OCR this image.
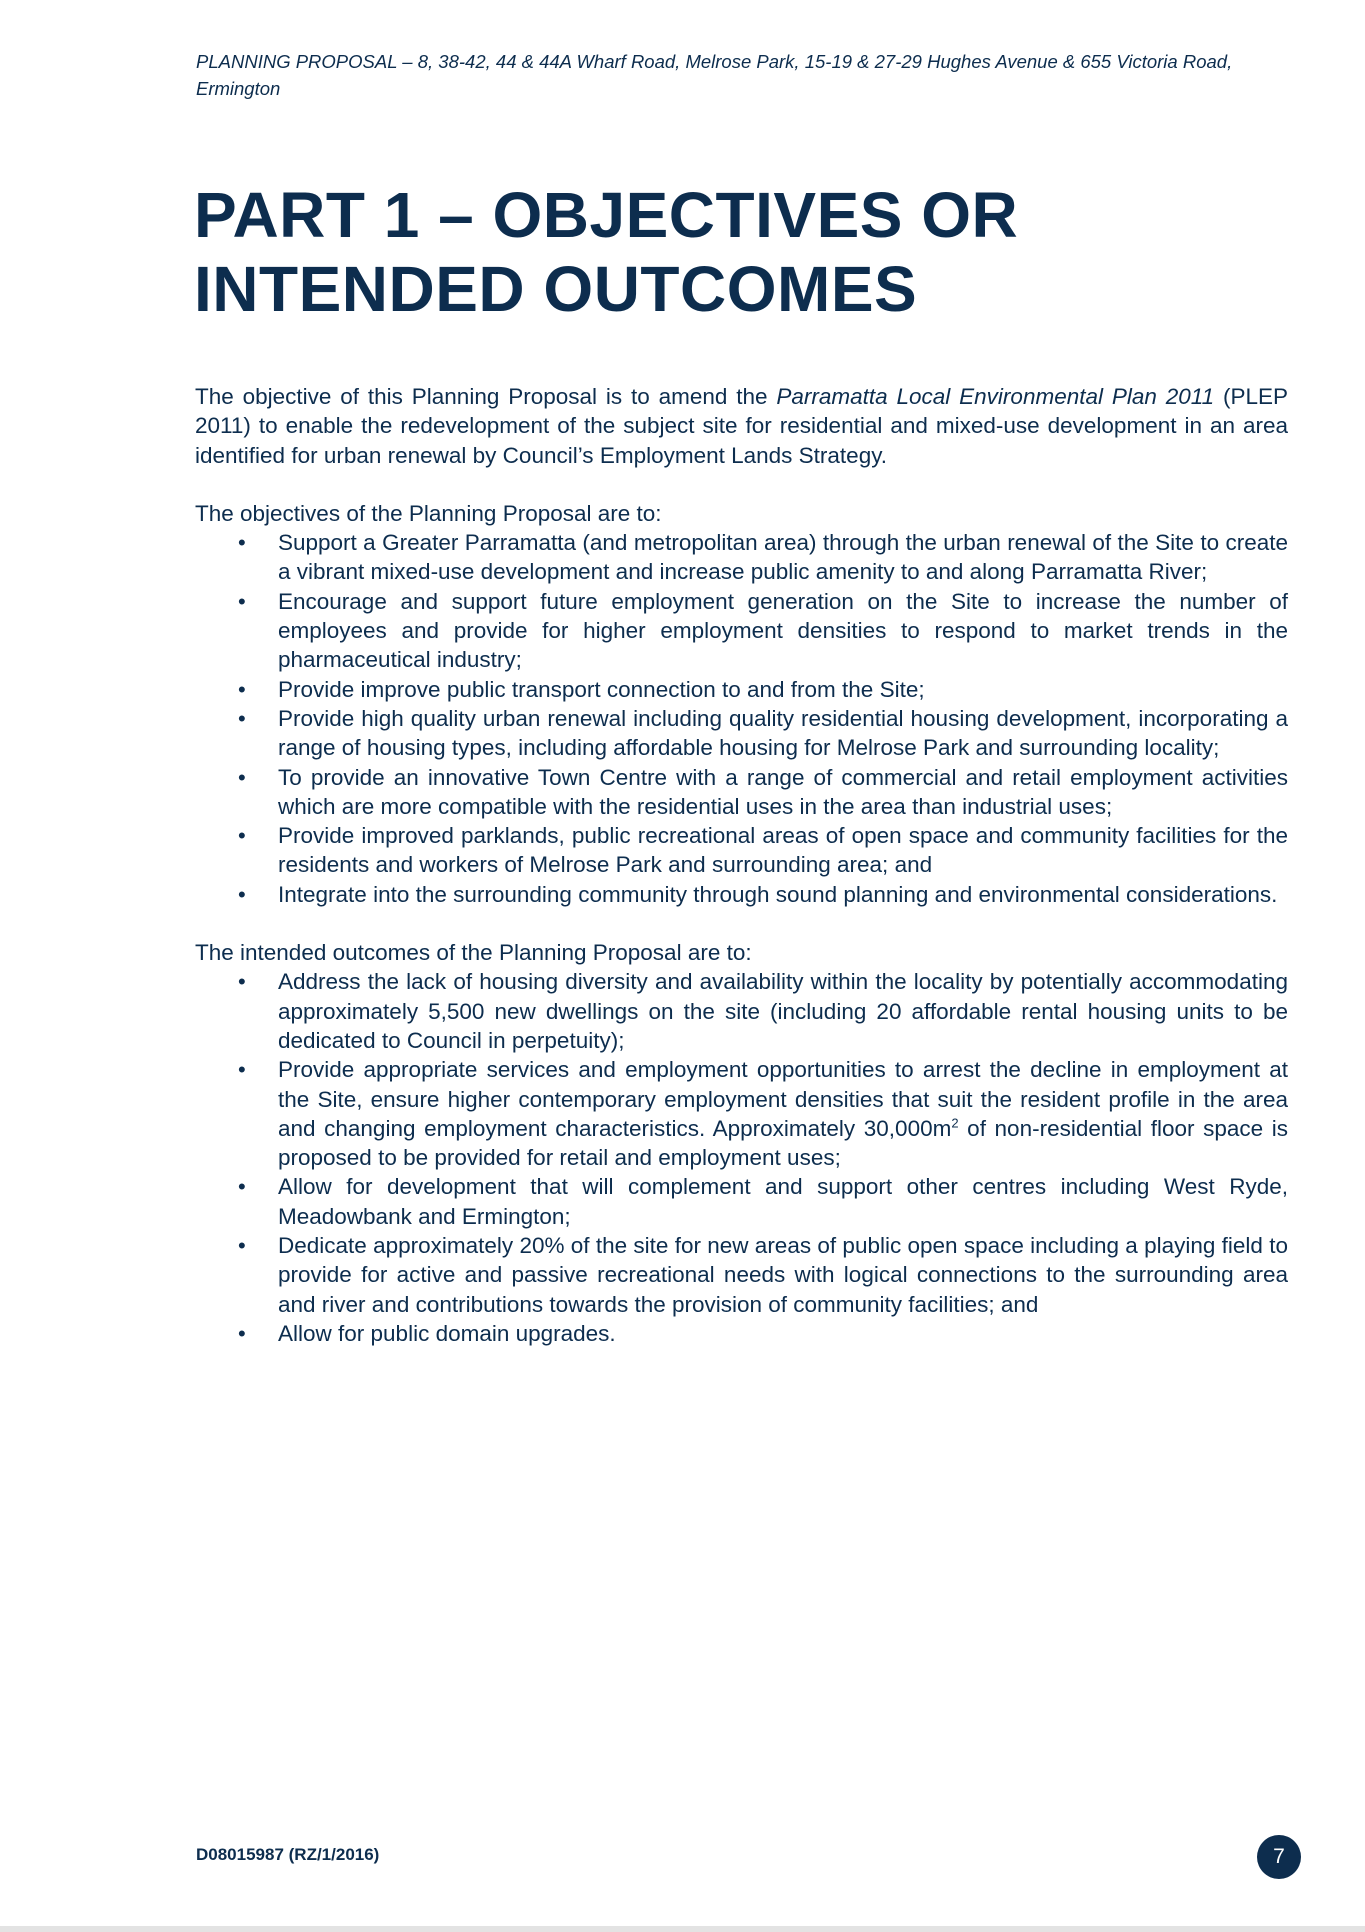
PLANNING PROPOSAL – 8, 38-42, 44 & 44A Wharf Road, Melrose Park, 15-19 & 27-29 Hughes Avenue & 655 Victoria Road, Ermington
PART 1 – OBJECTIVES OR
INTENDED OUTCOMES

The objective of this Planning Proposal is to amend the Parramatta Local Environmental Plan 2011 (PLEP 2011) to enable the redevelopment of the subject site for residential and mixed-use development in an area identified for urban renewal by Council’s Employment Lands Strategy.

The objectives of the Planning Proposal are to:

• Support a Greater Parramatta (and metropolitan area) through the urban renewal of the Site to create a vibrant mixed-use development and increase public amenity to and along Parramatta River;
• Encourage and support future employment generation on the Site to increase the number of employees and provide for higher employment densities to respond to market trends in the pharmaceutical industry;
• Provide improve public transport connection to and from the Site;
• Provide high quality urban renewal including quality residential housing development, incorporating a range of housing types, including affordable housing for Melrose Park and surrounding locality;
• To provide an innovative Town Centre with a range of commercial and retail employment activities which are more compatible with the residential uses in the area than industrial uses;
• Provide improved parklands, public recreational areas of open space and community facilities for the residents and workers of Melrose Park and surrounding area; and
• Integrate into the surrounding community through sound planning and environmental considerations.

The intended outcomes of the Planning Proposal are to:

• Address the lack of housing diversity and availability within the locality by potentially accommodating approximately 5,500 new dwellings on the site (including 20 affordable rental housing units to be dedicated to Council in perpetuity);
• Provide appropriate services and employment opportunities to arrest the decline in employment at the Site, ensure higher contemporary employment densities that suit the resident profile in the area and changing employment characteristics. Approximately $30,000m^2$ of non-residential floor space is proposed to be provided for retail and employment uses;
• Allow for development that will complement and support other centres including West Ryde, Meadowbank and Ermington;
• Dedicate approximately 20% of the site for new areas of public open space including a playing field to provide for active and passive recreational needs with logical connections to the surrounding area and river and contributions towards the provision of community facilities; and
• Allow for public domain upgrades.
D08015987 (RZ/1/2016)	7
